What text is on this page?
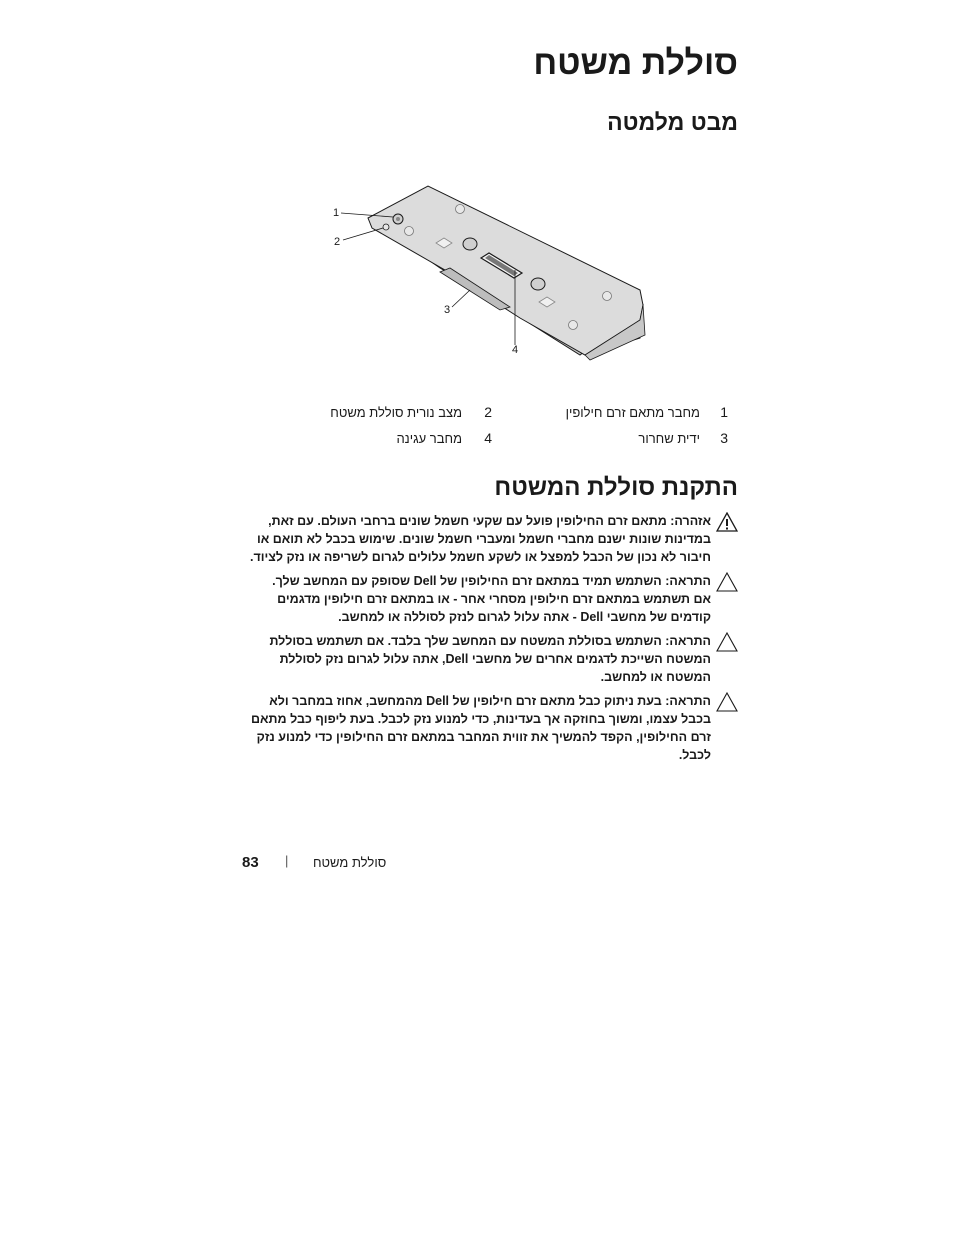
סוללת משטח
מבט מלמטה
1
2
3
4
1
מחבר מתאם זרם חילופין
2
מצב נורית סוללת משטח
3
ידית שחרור
4
מחבר עגינה
התקנת סוללת המשטח

אזהרה: מתאם זרם החילופין פועל עם שקעי חשמל שונים ברחבי העולם. עם זאת,
במדינות שונות ישנם מחברי חשמל ומעברי חשמל שונים. שימוש בכבל לא תואם או
חיבור לא נכון של הכבל למפצל או לשקע חשמל עלולים לגרום לשריפה או נזק לציוד.

התראה: השתמש תמיד במתאם זרם החילופין של Dell שסופק עם המחשב שלך.
אם תשתמש במתאם זרם חילופין מסחרי אחר - או במתאם זרם חילופין מדגמים
קודמים של מחשבי Dell - אתה עלול לגרום לנזק לסוללה או למחשב.

התראה: השתמש בסוללת המשטח עם המחשב שלך בלבד. אם תשתמש בסוללת
המשטח השייכת לדגמים אחרים של מחשבי Dell, אתה עלול לגרום נזק לסוללת
המשטח או למחשב.

התראה: בעת ניתוק כבל מתאם זרם חילופין של Dell מהמחשב, אחוז במחבר ולא
בכבל עצמו, ומשוך בחוזקה אך בעדינות, כדי למנוע נזק לכבל. בעת ליפוף כבל מתאם
זרם החילופין, הקפד להמשיך את זווית המחבר במתאם זרם החילופין כדי למנוע נזק
לכבל.

83 | סוללת משטח
